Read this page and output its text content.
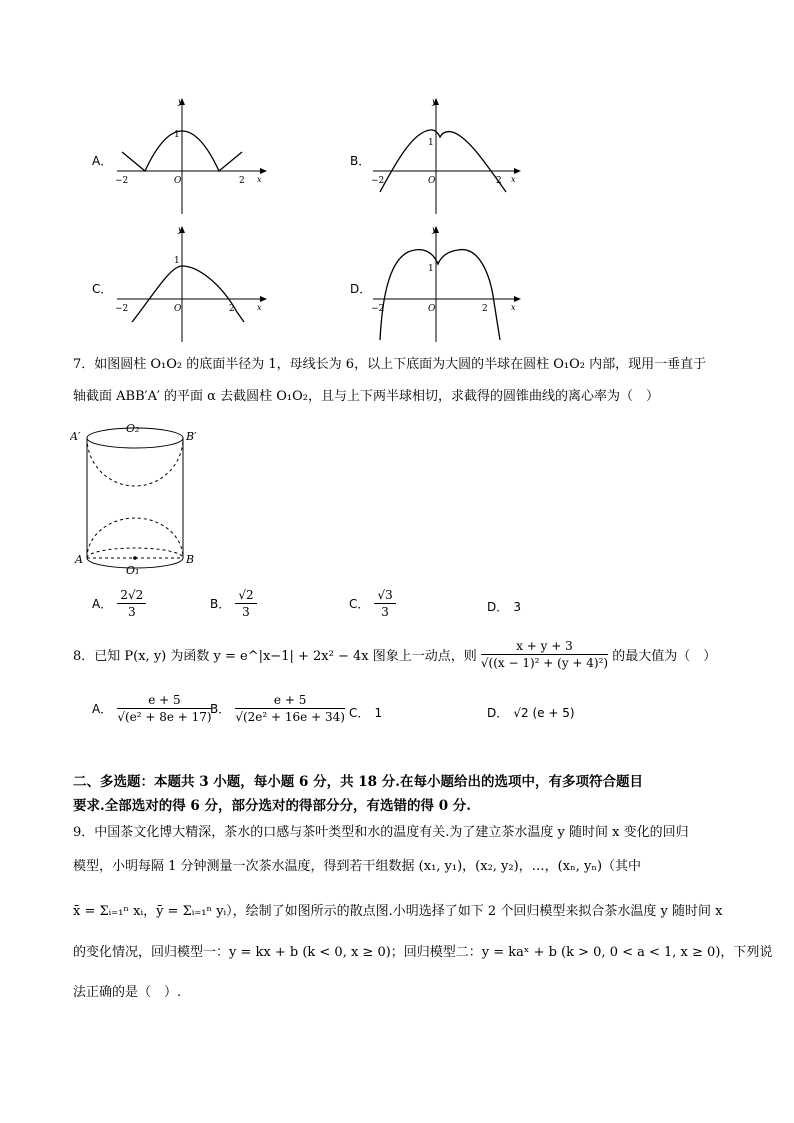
A．
y
x
1
O
−2	2
B．
y
x
1
O
−2	2
C．
y
x
1
O
−2	2
D．
y
x
1
O
−2	2
7．如图圆柱 O₁O₂ 的底面半径为 1，母线长为 6，以上下底面为大圆的半球在圆柱 O₁O₂ 内部，现用一垂直于
轴截面 ABB′A′ 的平面 α 去截圆柱 O₁O₂，且与上下两半球相切，求截得的圆锥曲线的离心率为（　）
A′	B′
O₂
A	B
O₁
A． $\frac{2√2}{3}$	B． $\frac{√2}{3}$	C． $\frac{√3}{3}$	D． 3
8．已知 P(x, y) 为函数 y = e^|x−1| + 2x² − 4x 图象上一动点，则 $\frac{x + y + 3}{\text{√((x − 1)² + (y + 4)²)}}$ 的最大值为（　）
A． $\frac{e + 5}{\text{√(e² + 8e + 17)}}$
B． $\frac{e + 5}{\text{√(2e² + 16e + 34)}}$ C． 1	D． √2 (e + 5)
二、多选题：本题共 3 小题，每小题 6 分，共 18 分.在每小题给出的选项中，有多项符合题目
要求.全部选对的得 6 分，部分选对的得部分分，有选错的得 0 分.
9．中国茶文化博大精深，茶水的口感与茶叶类型和水的温度有关.为了建立茶水温度 y 随时间 x 变化的回归
模型，小明每隔 1 分钟测量一次茶水温度，得到若干组数据 (x₁, y₁)，(x₂, y₂)，…，(xₙ, yₙ)（其中
x̄ = Σᵢ₌₁ⁿ xᵢ，ȳ = Σᵢ₌₁ⁿ yᵢ），绘制了如图所示的散点图.小明选择了如下 2 个回归模型来拟合茶水温度 y 随时间 x
的变化情况，回归模型一：y = kx + b (k < 0, x ≥ 0)；回归模型二：y = kaˣ + b (k > 0, 0 < a < 1, x ≥ 0)，下列说
法正确的是（　）.
